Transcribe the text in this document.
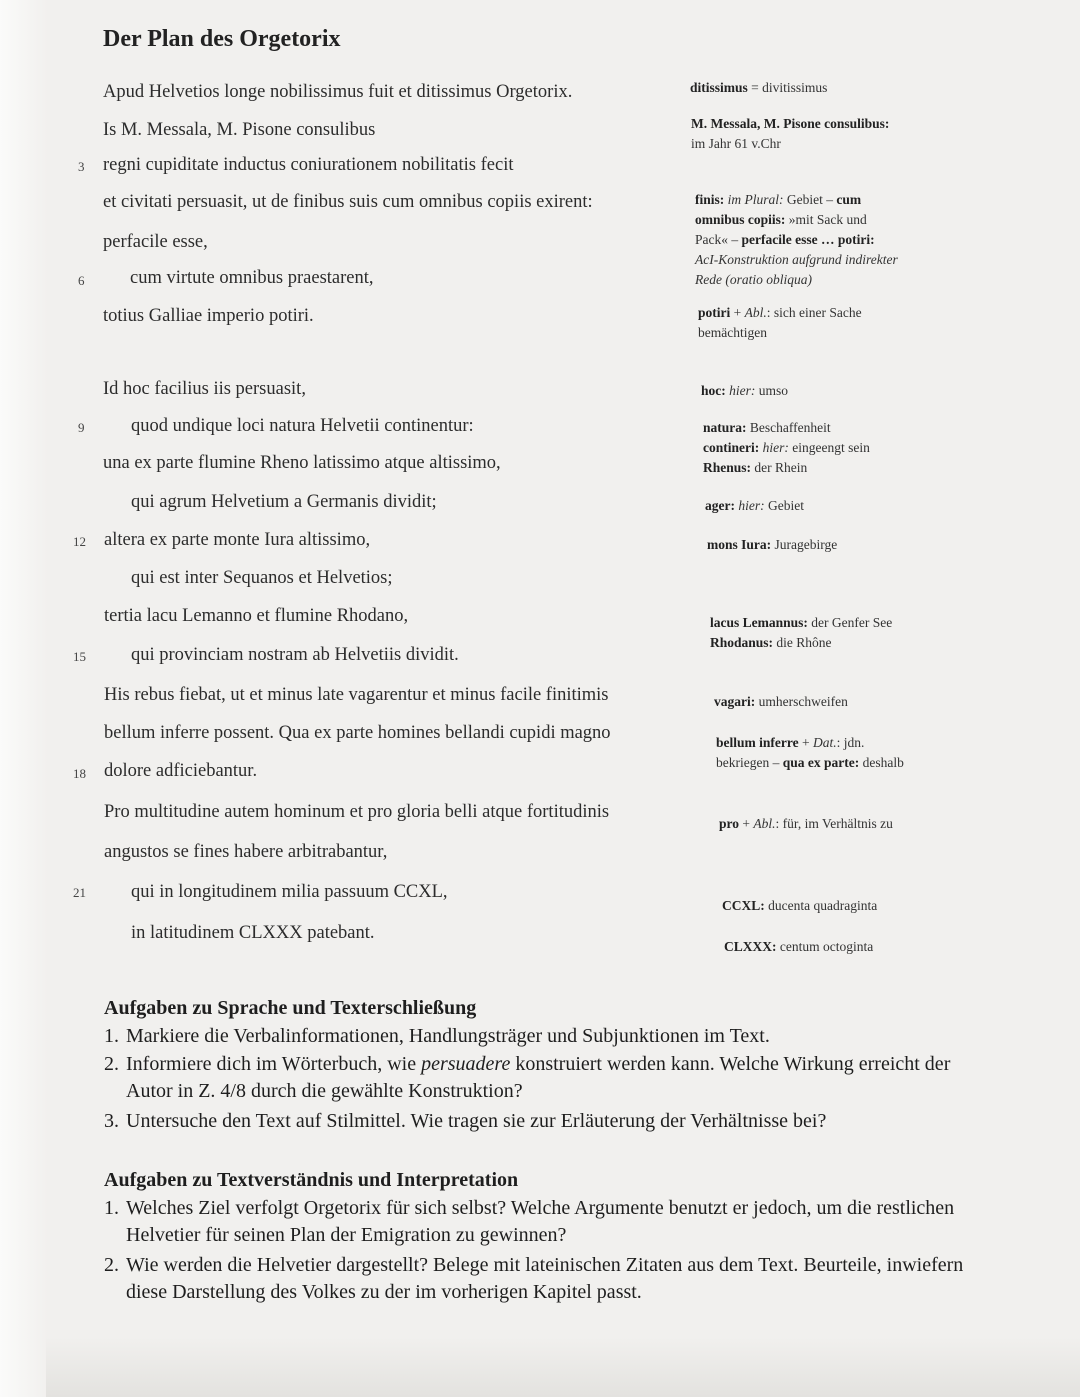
Der Plan des Orgetorix
Apud Helvetios longe nobilissimus fuit et ditissimus Orgetorix.
Is M. Messala, M. Pisone consulibus
3	regni cupiditate inductus coniurationem nobilitatis fecit
et civitati persuasit, ut de finibus suis cum omnibus copiis exirent:
perfacile esse,
6	cum virtute omnibus praestarent,
totius Galliae imperio potiri.
Id hoc facilius iis persuasit,
9	quod undique loci natura Helvetii continentur:
una ex parte flumine Rheno latissimo atque altissimo,
qui agrum Helvetium a Germanis dividit;
12 altera ex parte monte Iura altissimo,
qui est inter Sequanos et Helvetios;
tertia lacu Lemanno et flumine Rhodano,
15	qui provinciam nostram ab Helvetiis dividit.
His rebus fiebat, ut et minus late vagarentur et minus facile finitimis
bellum inferre possent. Qua ex parte homines bellandi cupidi magno
18 dolore adficiebantur.
Pro multitudine autem hominum et pro gloria belli atque fortitudinis
angustos se fines habere arbitrabantur,
21	qui in longitudinem milia passuum CCXL,
in latitudinem CLXXX patebant.
ditissimus = divitissimus
M. Messala, M. Pisone consulibus:
im Jahr 61 v.Chr
finis: im Plural: Gebiet – cum
omnibus copiis: »mit Sack und
Pack« – perfacile esse … potiri:
AcI-Konstruktion aufgrund indirekter
Rede (oratio obliqua)
potiri + Abl.: sich einer Sache
bemächtigen
hoc: hier: umso
natura: Beschaffenheit
contineri: hier: eingeengt sein
Rhenus: der Rhein
ager: hier: Gebiet
mons Iura: Juragebirge
lacus Lemannus: der Genfer See
Rhodanus: die Rhône
vagari: umherschweifen
bellum inferre + Dat.: jdn.
bekriegen – qua ex parte: deshalb
pro + Abl.: für, im Verhältnis zu
CCXL: ducenta quadraginta
CLXXX: centum octoginta
Aufgaben zu Sprache und Texterschließung
1. Markiere die Verbalinformationen, Handlungsträger und Subjunktionen im Text.
2. Informiere dich im Wörterbuch, wie persuadere konstruiert werden kann. Welche Wirkung erreicht der Autor in Z. 4/8 durch die gewählte Konstruktion?
3. Untersuche den Text auf Stilmittel. Wie tragen sie zur Erläuterung der Verhältnisse bei?
Aufgaben zu Textverständnis und Interpretation
1. Welches Ziel verfolgt Orgetorix für sich selbst? Welche Argumente benutzt er jedoch, um die restlichen Helvetier für seinen Plan der Emigration zu gewinnen?
2. Wie werden die Helvetier dargestellt? Belege mit lateinischen Zitaten aus dem Text. Beurteile, inwiefern diese Darstellung des Volkes zu der im vorherigen Kapitel passt.
